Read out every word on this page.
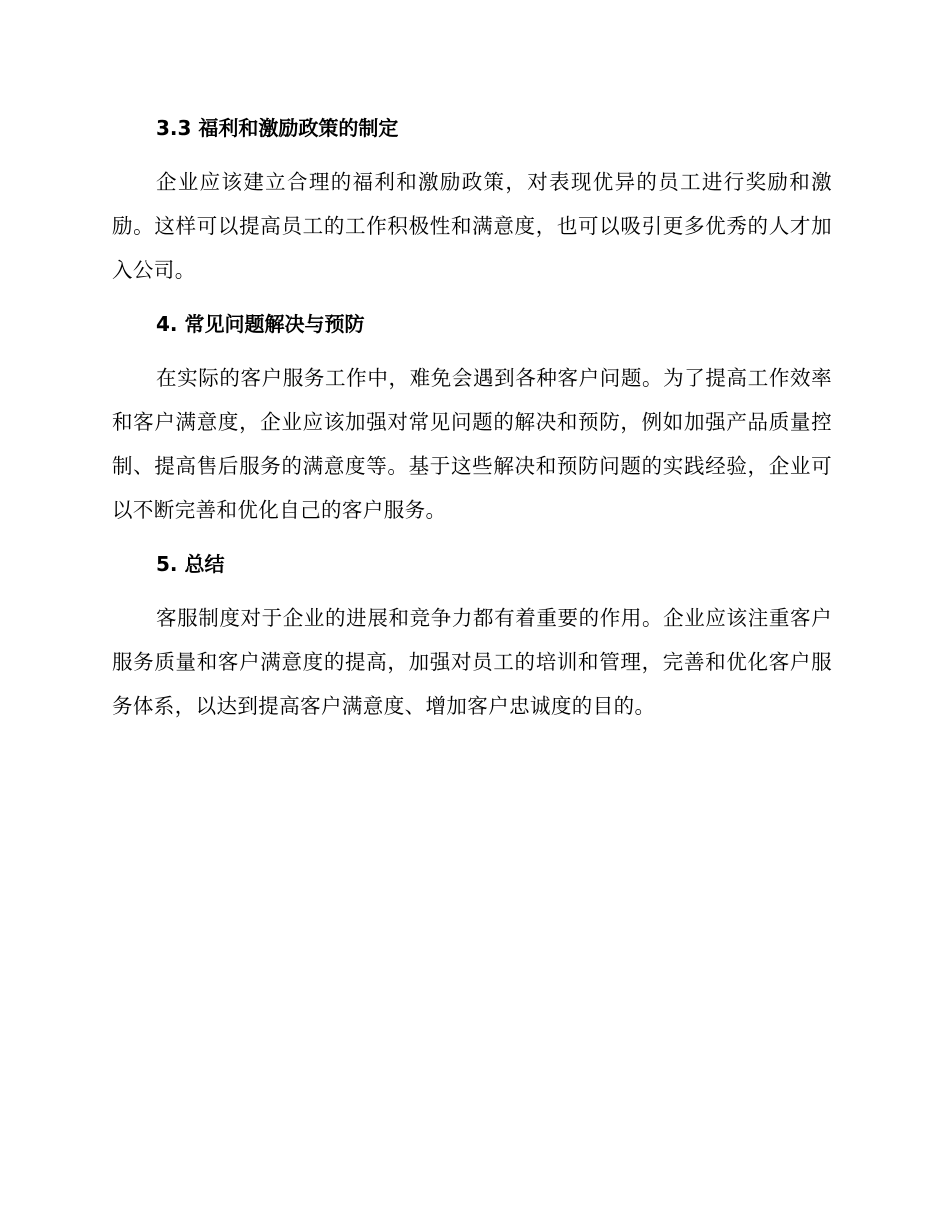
3.3 福利和激励政策的制定

企业应该建立合理的福利和激励政策，对表现优异的员工进行奖励和激励。这样可以提高员工的工作积极性和满意度，也可以吸引更多优秀的人才加入公司。

4. 常见问题解决与预防

在实际的客户服务工作中，难免会遇到各种客户问题。为了提高工作效率和客户满意度，企业应该加强对常见问题的解决和预防，例如加强产品质量控制、提高售后服务的满意度等。基于这些解决和预防问题的实践经验，企业可以不断完善和优化自己的客户服务。

5. 总结

客服制度对于企业的进展和竞争力都有着重要的作用。企业应该注重客户服务质量和客户满意度的提高，加强对员工的培训和管理，完善和优化客户服务体系，以达到提高客户满意度、增加客户忠诚度的目的。
